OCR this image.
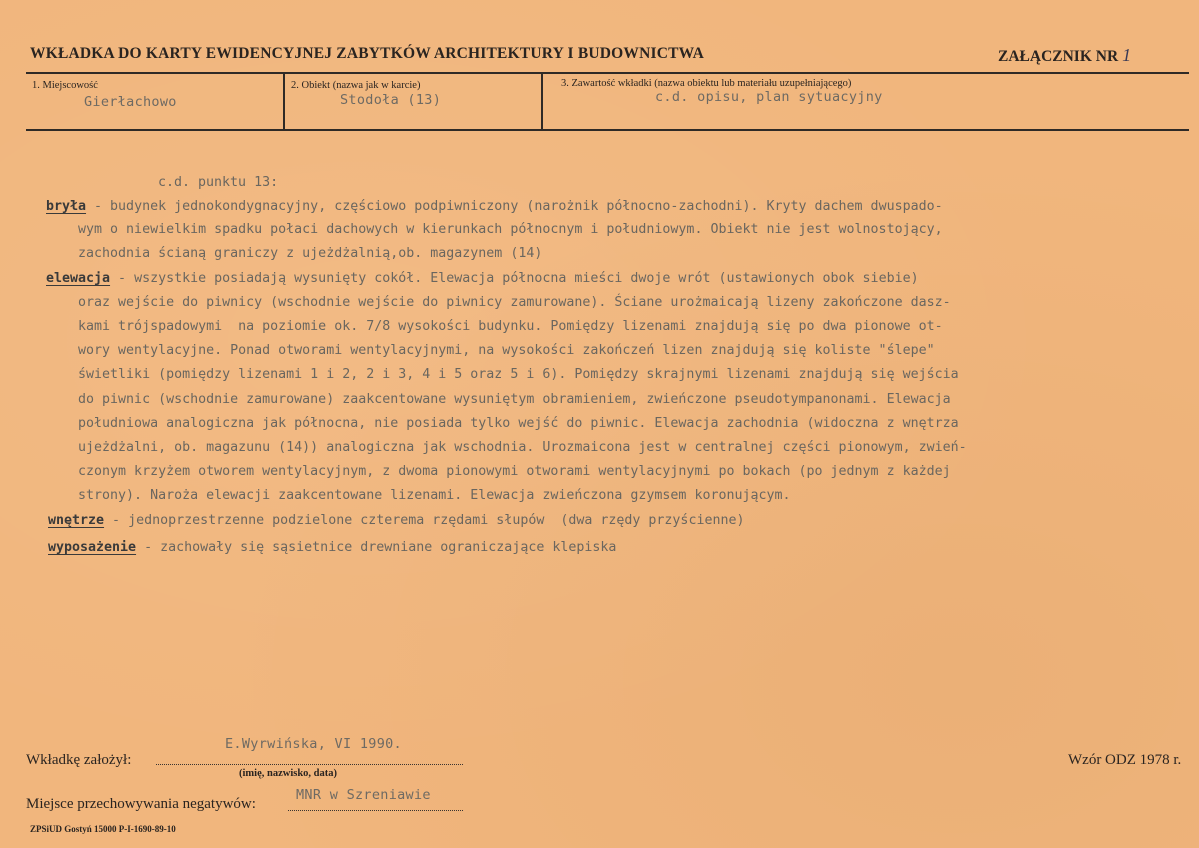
WKŁADKA DO KARTY EWIDENCYJNEJ ZABYTKÓW ARCHITEKTURY I BUDOWNICTWA	ZAŁĄCZNIK NR 1
1. Miejscowość
Gierłachowo
2. Obiekt (nazwa jak w karcie)
Stodoła (13)
3. Zawartość wkładki (nazwa obiektu lub materiału uzupełniającego)
c.d. opisu, plan sytuacyjny
c.d. punktu 13:
bryła - budynek jednokondygnacyjny, częściowo podpiwniczony (narożnik północno-zachodni). Kryty dachem dwuspado-
wym o niewielkim spadku połaci dachowych w kierunkach północnym i południowym. Obiekt nie jest wolnostojący,
zachodnia ścianą graniczy z ujeżdżalnią,ob. magazynem (14)
elewacja - wszystkie posiadają wysunięty cokół. Elewacja północna mieści dwoje wrót (ustawionych obok siebie)
oraz wejście do piwnicy (wschodnie wejście do piwnicy zamurowane). Ściane urożmaicają lizeny zakończone dasz-
kami trójspadowymi  na poziomie ok. 7/8 wysokości budynku. Pomiędzy lizenami znajdują się po dwa pionowe ot-
wory wentylacyjne. Ponad otworami wentylacyjnymi, na wysokości zakończeń lizen znajdują się koliste "ślepe"
świetliki (pomiędzy lizenami 1 i 2, 2 i 3, 4 i 5 oraz 5 i 6). Pomiędzy skrajnymi lizenami znajdują się wejścia
do piwnic (wschodnie zamurowane) zaakcentowane wysuniętym obramieniem, zwieńczone pseudotympanonami. Elewacja
południowa analogiczna jak północna, nie posiada tylko wejść do piwnic. Elewacja zachodnia (widoczna z wnętrza
ujeżdżalni, ob. magazunu (14)) analogiczna jak wschodnia. Urozmaicona jest w centralnej części pionowym, zwień-
czonym krzyżem otworem wentylacyjnym, z dwoma pionowymi otworami wentylacyjnymi po bokach (po jednym z każdej
strony). Naroża elewacji zaakcentowane lizenami. Elewacja zwieńczona gzymsem koronującym.
wnętrze - jednoprzestrzenne podzielone czterema rzędami słupów  (dwa rzędy przyścienne)
wyposażenie - zachowały się sąsietnice drewniane ograniczające klepiska
Wkładkę założył:
E.Wyrwińska, VI 1990.
(imię, nazwisko, data)
Wzór ODZ 1978 r.
Miejsce przechowywania negatywów:
MNR w Szreniawie
ZPSiUD Gostyń 15000 P-I-1690-89-10
